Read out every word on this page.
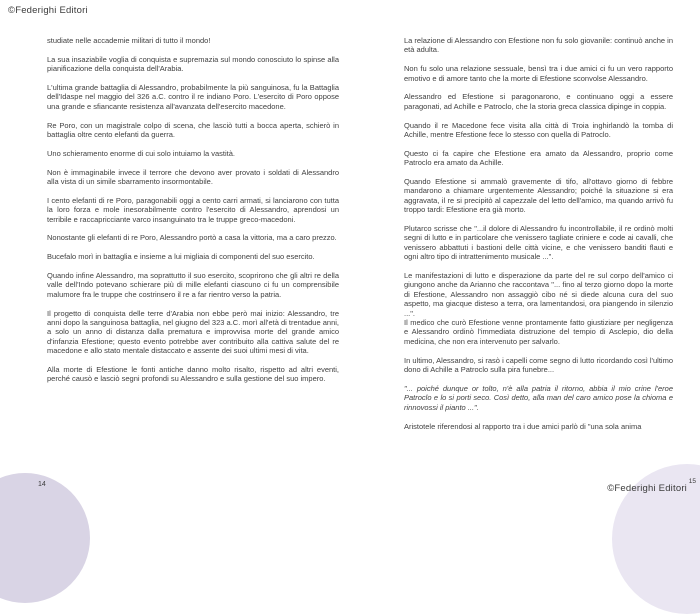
©Federighi Editori

studiate nelle accademie militari di tutto il mondo!

La sua insaziabile voglia di conquista e supremazia sul mondo conosciuto lo spinse alla pianificazione della conquista dell'Arabia.

L'ultima grande battaglia di Alessandro, probabilmente la più sanguinosa, fu la Battaglia dell'Idaspe nel maggio del 326 a.C. contro il re indiano Poro. L'esercito di Poro oppose una grande e sfiancante resistenza all'avanzata dell'esercito macedone.

Re Poro, con un magistrale colpo di scena, che lasciò tutti a bocca aperta, schierò in battaglia oltre cento elefanti da guerra.

Uno schieramento enorme di cui solo intuiamo la vastità.

Non è immaginabile invece il terrore che devono aver provato i soldati di Alessandro alla vista di un simile sbarramento insormontabile.

I cento elefanti di re Poro, paragonabili oggi a cento carri armati, si lanciarono con tutta la loro forza e mole inesorabilmente contro l'esercito di Alessandro, aprendosi un terribile e raccapricciante varco insanguinato tra le truppe greco-macedoni.

Nonostante gli elefanti di re Poro, Alessandro portò a casa la vittoria, ma a caro prezzo.

Bucefalo morì in battaglia e insieme a lui migliaia di componenti del suo esercito.

Quando infine Alessandro, ma soprattutto il suo esercito, scoprirono che gli altri re della valle dell'Indo potevano schierare più di mille elefanti ciascuno ci fu un comprensibile malumore fra le truppe che costrinsero il re a far rientro verso la patria.

Il progetto di conquista delle terre d'Arabia non ebbe però mai inizio: Alessandro, tre anni dopo la sanguinosa battaglia, nel giugno del 323 a.C. morì all'età di trentadue anni, a solo un anno di distanza dalla prematura e improvvisa morte del grande amico d'infanzia Efestione; questo evento potrebbe aver contribuito alla cattiva salute del re macedone e allo stato mentale distaccato e assente dei suoi ultimi mesi di vita.

Alla morte di Efestione le fonti antiche danno molto risalto, rispetto ad altri eventi, perché causò e lasciò segni profondi su Alessandro e sulla gestione del suo impero.

La relazione di Alessandro con Efestione non fu solo giovanile: continuò anche in età adulta.

Non fu solo una relazione sessuale, bensì tra i due amici ci fu un vero rapporto emotivo e di amore tanto che la morte di Efestione sconvolse Alessandro.

Alessandro ed Efestione si paragonarono, e continuano oggi a essere paragonati, ad Achille e Patroclo, che la storia greca classica dipinge in coppia.

Quando il re Macedone fece visita alla città di Troia inghirlandò la tomba di Achille, mentre Efestione fece lo stesso con quella di Patroclo.

Questo ci fa capire che Efestione era amato da Alessandro, proprio come Patroclo era amato da Achille.

Quando Efestione si ammalò gravemente di tifo, all'ottavo giorno di febbre mandarono a chiamare urgentemente Alessandro; poiché la situazione si era aggravata, il re si precipitò al capezzale del letto dell'amico, ma quando arrivò fu troppo tardi: Efestione era già morto.

Plutarco scrisse che "...il dolore di Alessandro fu incontrollabile, il re ordinò molti segni di lutto e in particolare che venissero tagliate criniere e code ai cavalli, che venissero abbattuti i bastioni delle città vicine, e che venissero banditi flauti e ogni altro tipo di intrattenimento musicale ...".

Le manifestazioni di lutto e disperazione da parte del re sul corpo dell'amico ci giungono anche da Arianno che raccontava "... fino al terzo giorno dopo la morte di Efestione, Alessandro non assaggiò cibo né si diede alcuna cura del suo aspetto, ma giacque disteso a terra, ora lamentandosi, ora piangendo in silenzio ...".

Il medico che curò Efestione venne prontamente fatto giustiziare per negligenza e Alessandro ordinò l'immediata distruzione del tempio di Asclepio, dio della medicina, che non era intervenuto per salvarlo.

In ultimo, Alessandro, si rasò i capelli come segno di lutto ricordando così l'ultimo dono di Achille a Patroclo sulla pira funebre...

"... poiché dunque or tolto, n'è alla patria il ritorno, abbia il mio crine l'eroe Patroclo e lo si porti seco. Così detto, alla man del caro amico pose la chioma e rinnovossi il pianto ...".

Aristotele riferendosi al rapporto tra i due amici parlò di "una sola anima

14	15
©Federighi Editori
